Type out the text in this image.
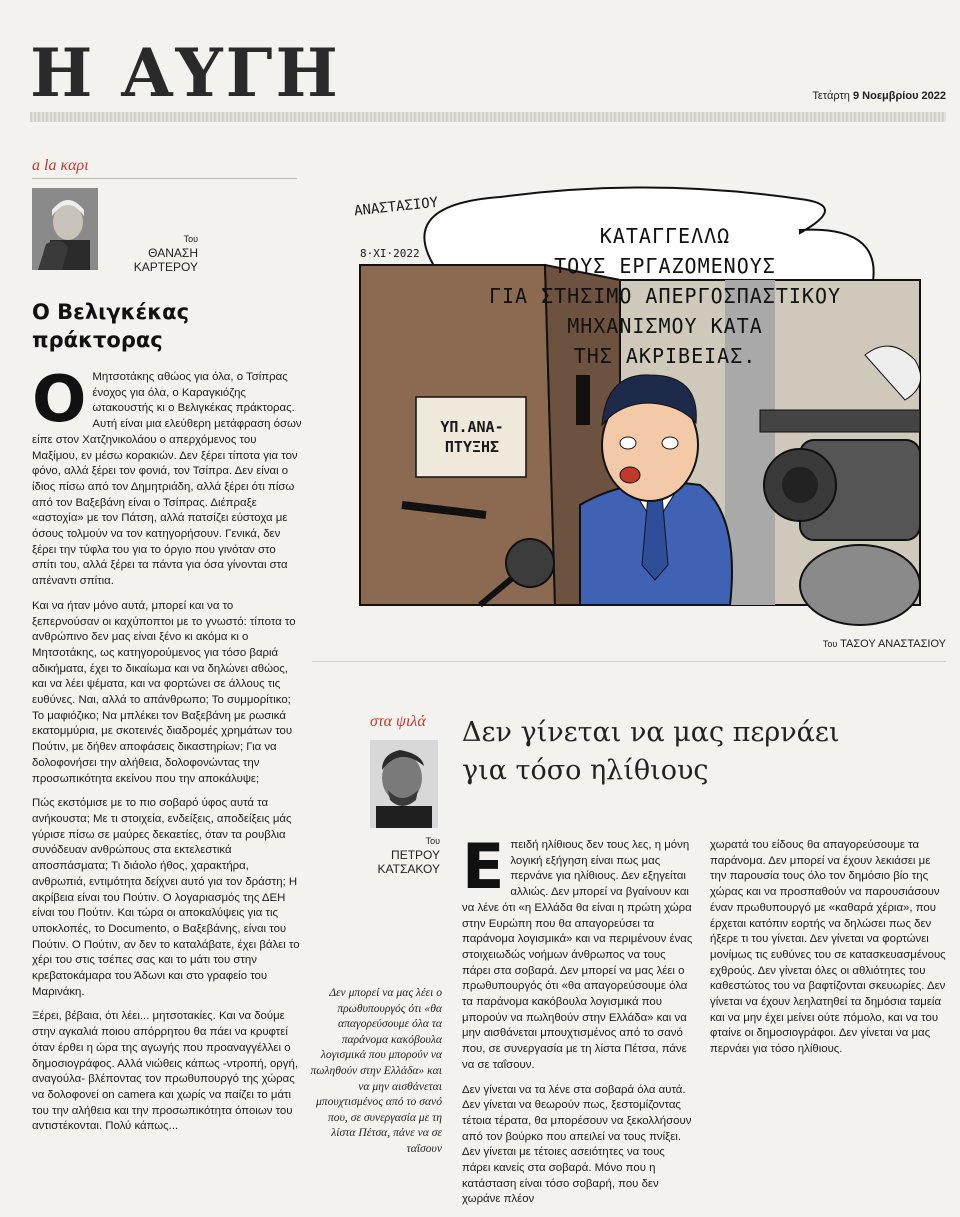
Η ΑΥΓΗ	Τετάρτη 9 Νοεμβρίου 2022
a la καρι
Του
ΘΑΝΑΣΗ
ΚΑΡΤΕΡΟΥ
Ο Βελιγκέκας
πράκτορας

Ο Μητσοτάκης αθώος για όλα, ο Τσίπρας ένοχος για όλα, ο Καραγκιόζης ωτακουστής κι ο Βελιγκέκας πράκτορας. Αυτή είναι μια ελεύθερη μετάφραση όσων είπε στον Χατζηνικολάου ο απερχόμενος του Μαξίμου, εν μέσω κορακιών. Δεν ξέρει τίποτα για τον φόνο, αλλά ξέρει τον φονιά, τον Τσίπρα. Δεν είναι ο ίδιος πίσω από τον Δημητριάδη, αλλά ξέρει ότι πίσω από τον Βαξεβάνη είναι ο Τσίπρας. Διέπραξε «αστοχία» με τον Πάτση, αλλά πατσίζει εύστοχα με όσους τολμούν να τον κατηγορήσουν. Γενικά, δεν ξέρει την τύφλα του για το όργιο που γινόταν στο σπίτι του, αλλά ξέρει τα πάντα για όσα γίνονται στα απέναντι σπίτια.

Και να ήταν μόνο αυτά, μπορεί και να το ξεπερνούσαν οι καχύποπτοι με το γνωστό: τίποτα το ανθρώπινο δεν μας είναι ξένο κι ακόμα κι ο Μητσοτάκης, ως κατηγορούμενος για τόσο βαριά αδικήματα, έχει το δικαίωμα και να δηλώνει αθώος, και να λέει ψέματα, και να φορτώνει σε άλλους τις ευθύνες. Ναι, αλλά το απάνθρωπο; Το συμμορίτικο; Το μαφιόζικο; Να μπλέκει τον Βαξεβάνη με ρωσικά εκατομμύρια, με σκοτεινές διαδρομές χρημάτων του Πούτιν, με δήθεν αποφάσεις δικαστηρίων; Για να δολοφονήσει την αλήθεια, δολοφονώντας την προσωπικότητα εκείνου που την αποκάλυψε;

Πώς εκστόμισε με το πιο σοβαρό ύφος αυτά τα ανήκουστα; Με τι στοιχεία, ενδείξεις, αποδείξεις μάς γύρισε πίσω σε μαύρες δεκαετίες, όταν τα ρουβλια συνόδευαν ανθρώπους στα εκτελεστικά αποσπάσματα; Τι διάολο ήθος, χαρακτήρα, ανθρωπιά, εντιμότητα δείχνει αυτό για τον δράστη; Η ακρίβεια είναι του Πούτιν. Ο λογαριασμός της ΔΕΗ είναι του Πούτιν. Και τώρα οι αποκαλύψεις για τις υποκλοπές, το Documento, ο Βαξεβάνης, είναι του Πούτιν. Ο Πούτιν, αν δεν το καταλάβατε, έχει βάλει το χέρι του στις τσέπες σας και το μάτι του στην κρεβατοκάμαρα του Άδωνι και στο γραφείο του Μαρινάκη.

Ξέρει, βέβαια, ότι λέει... μητσοτακίες. Και να δούμε στην αγκαλιά ποιου απόρρητου θα πάει να κρυφτεί όταν έρθει η ώρα της αγωγής που προαναγγέλλει ο δημοσιογράφος. Αλλά νιώθεις κάπως -ντροπή, οργή, αναγούλα- βλέποντας τον πρωθυπουργό της χώρας να δολοφονεί on camera και χωρίς να παίζει το μάτι του την αλήθεια και την προσωπικότητα όποιων του αντιστέκονται. Πολύ κάπως...

ΑΝΑΣΤΑΣΙΟΥ
8·ΧΙ·2022
ΚΑΤΑΓΓΕΛΛΩ
ΤΟΥΣ ΕΡΓΑΖΟΜΕΝΟΥΣ
ΓΙΑ ΣΤΗΣΙΜΟ ΑΠΕΡΓΟΣΠΑΣΤΙΚΟΥ
ΜΗΧΑΝΙΣΜΟΥ ΚΑΤΑ
ΤΗΣ ΑΚΡΙΒΕΙΑΣ.
ΥΠ.ΑΝΑ-
ΠΤΥΞΗΣ
Του ΤΑΣΟΥ ΑΝΑΣΤΑΣΙΟΥ
στα ψιλά
Του
ΠΕΤΡΟΥ
ΚΑΤΣΑΚΟΥ
Δεν γίνεται να μας περνάει
για τόσο ηλίθιους
Δεν μπορεί να μας λέει ο πρωθυπουργός ότι «θα απαγορεύσουμε όλα τα παράνομα κακόβουλα λογισμικά που μπορούν να πωληθούν στην Ελλάδα» και να μην αισθάνεται μπουχτισμένος από το σανό που, σε συνεργασία με τη λίστα Πέτσα, πάνε να σε ταΐσουν

Επειδή ηλίθιους δεν τους λες, η μόνη λογική εξήγηση είναι πως μας περνάνε για ηλίθιους. Δεν εξηγείται αλλιώς. Δεν μπορεί να βγαίνουν και να λένε ότι «η Ελλάδα θα είναι η πρώτη χώρα στην Ευρώπη που θα απαγορεύσει τα παράνομα λογισμικά» και να περιμένουν ένας στοιχειωδώς νοήμων άνθρωπος να τους πάρει στα σοβαρά. Δεν μπορεί να μας λέει ο πρωθυπουργός ότι «θα απαγορεύσουμε όλα τα παράνομα κακόβουλα λογισμικά που μπορούν να πωληθούν στην Ελλάδα» και να μην αισθάνεται μπουχτισμένος από το σανό που, σε συνεργασία με τη λίστα Πέτσα, πάνε να σε ταΐσουν.

Δεν γίνεται να τα λένε στα σοβαρά όλα αυτά. Δεν γίνεται να θεωρούν πως, ξεστομίζοντας τέτοια τέρατα, θα μπορέσουν να ξεκολλήσουν από τον βούρκο που απειλεί να τους πνίξει. Δεν γίνεται με τέτοιες ασειότητες να τους πάρει κανείς στα σοβαρά. Μόνο που η κατάσταση είναι τόσο σοβαρή, που δεν χωράνε πλέον

χωρατά του είδους θα απαγορεύσουμε τα παράνομα. Δεν μπορεί να έχουν λεκιάσει με την παρουσία τους όλο τον δημόσιο βίο της χώρας και να προσπαθούν να παρουσιάσουν έναν πρωθυπουργό με «καθαρά χέρια», που έρχεται κατόπιν εορτής να δηλώσει πως δεν ήξερε τι του γίνεται. Δεν γίνεται να φορτώνει μονίμως τις ευθύνες του σε κατασκευασμένους εχθρούς. Δεν γίνεται όλες οι αθλιότητες του καθεστώτος του να βαφτίζονται σκευωρίες. Δεν γίνεται να έχουν λεηλατηθεί τα δημόσια ταμεία και να μην έχει μείνει ούτε πόμολο, και να του φταίνε οι δημοσιογράφοι. Δεν γίνεται να μας περνάει για τόσο ηλίθιους.
